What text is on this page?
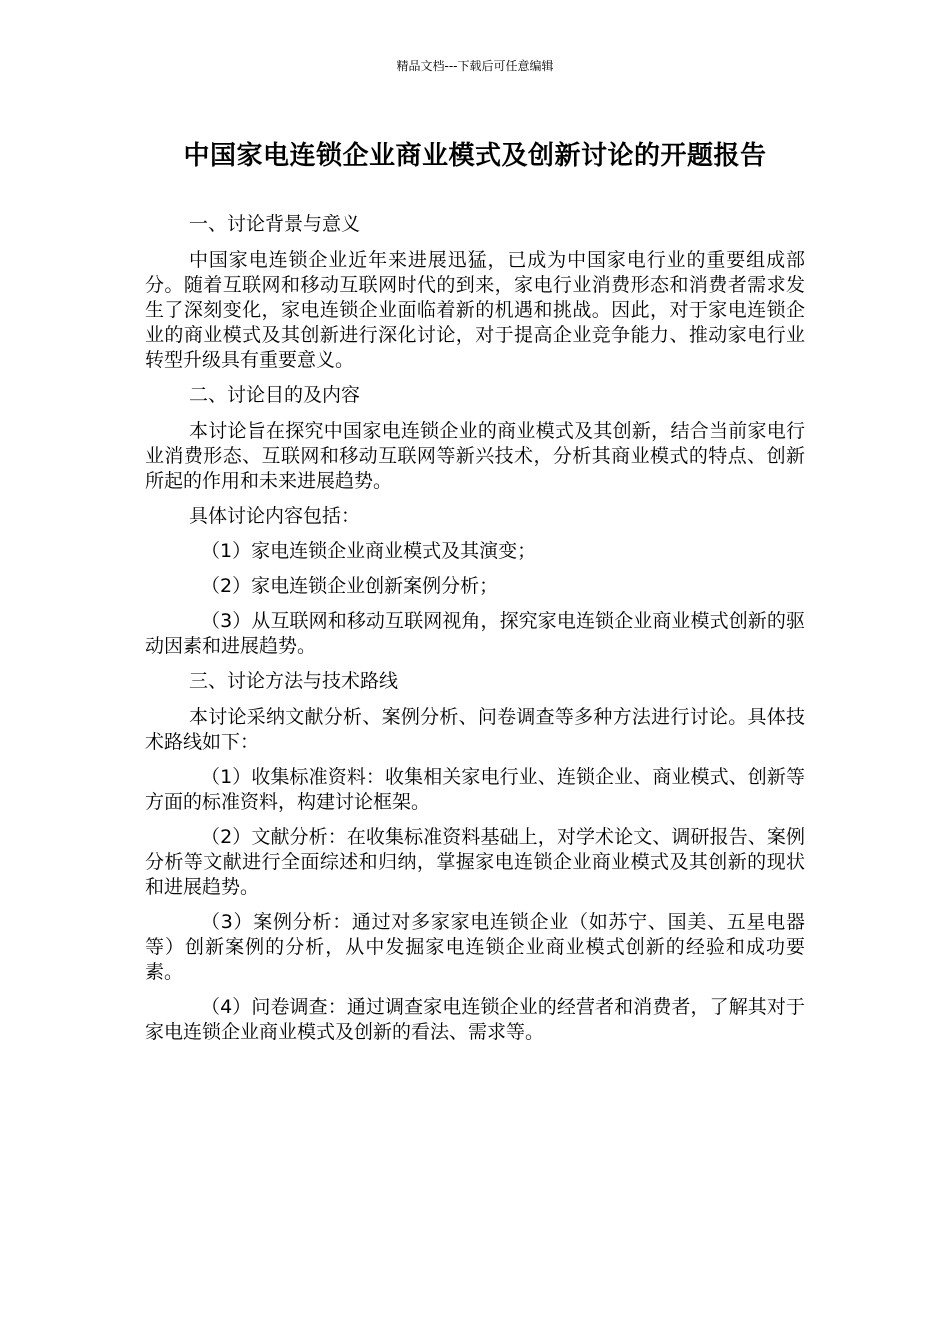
精品文档---下载后可任意编辑
中国家电连锁企业商业模式及创新讨论的开题报告

一、讨论背景与意义

中国家电连锁企业近年来进展迅猛，已成为中国家电行业的重要组成部分。随着互联网和移动互联网时代的到来，家电行业消费形态和消费者需求发生了深刻变化，家电连锁企业面临着新的机遇和挑战。因此，对于家电连锁企业的商业模式及其创新进行深化讨论，对于提高企业竞争能力、推动家电行业转型升级具有重要意义。

二、讨论目的及内容

本讨论旨在探究中国家电连锁企业的商业模式及其创新，结合当前家电行业消费形态、互联网和移动互联网等新兴技术，分析其商业模式的特点、创新所起的作用和未来进展趋势。

具体讨论内容包括：

（1）家电连锁企业商业模式及其演变；

（2）家电连锁企业创新案例分析；

（3）从互联网和移动互联网视角，探究家电连锁企业商业模式创新的驱动因素和进展趋势。

三、讨论方法与技术路线

本讨论采纳文献分析、案例分析、问卷调查等多种方法进行讨论。具体技术路线如下：

（1）收集标准资料：收集相关家电行业、连锁企业、商业模式、创新等方面的标准资料，构建讨论框架。

（2）文献分析：在收集标准资料基础上，对学术论文、调研报告、案例分析等文献进行全面综述和归纳，掌握家电连锁企业商业模式及其创新的现状和进展趋势。

（3）案例分析：通过对多家家电连锁企业（如苏宁、国美、五星电器等）创新案例的分析，从中发掘家电连锁企业商业模式创新的经验和成功要素。

（4）问卷调查：通过调查家电连锁企业的经营者和消费者，了解其对于家电连锁企业商业模式及创新的看法、需求等。
